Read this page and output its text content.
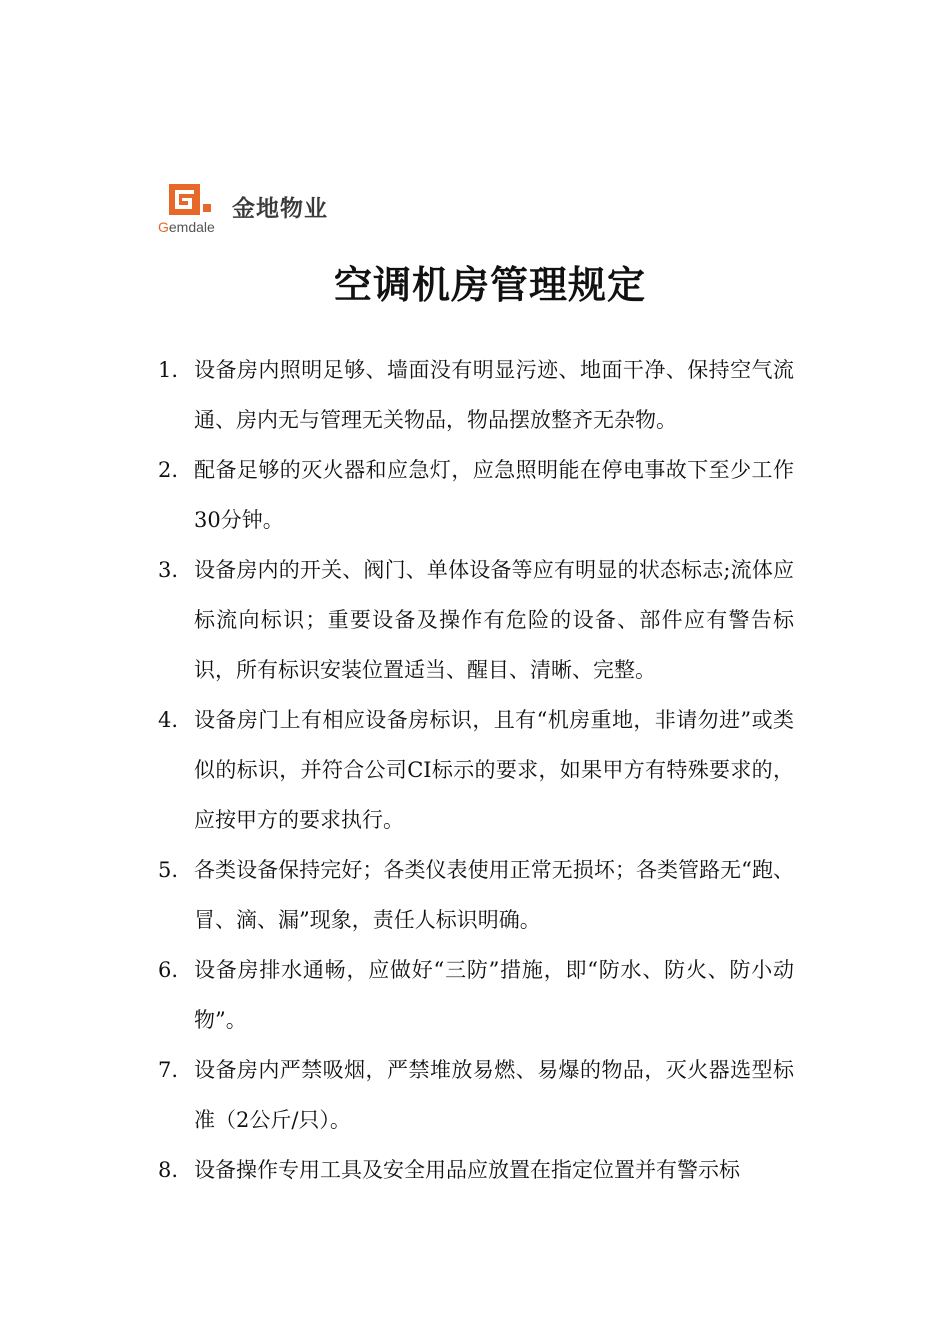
金地物业
Gemdale
空调机房管理规定
1. 设备房内照明足够、墙面没有明显污迹、地面干净、保持空气流通、房内无与管理无关物品，物品摆放整齐无杂物。
2. 配备足够的灭火器和应急灯，应急照明能在停电事故下至少工作30分钟。
3. 设备房内的开关、阀门、单体设备等应有明显的状态标志;流体应标流向标识；重要设备及操作有危险的设备、部件应有警告标识，所有标识安装位置适当、醒目、清晰、完整。
4. 设备房门上有相应设备房标识，且有“机房重地，非请勿进”或类似的标识，并符合公司CI标示的要求，如果甲方有特殊要求的，应按甲方的要求执行。
5. 各类设备保持完好；各类仪表使用正常无损坏；各类管路无“跑、冒、滴、漏”现象，责任人标识明确。
6. 设备房排水通畅，应做好“三防”措施，即“防水、防火、防小动物”。
7. 设备房内严禁吸烟，严禁堆放易燃、易爆的物品，灭火器选型标准（2公斤/只）。
8. 设备操作专用工具及安全用品应放置在指定位置并有警示标
